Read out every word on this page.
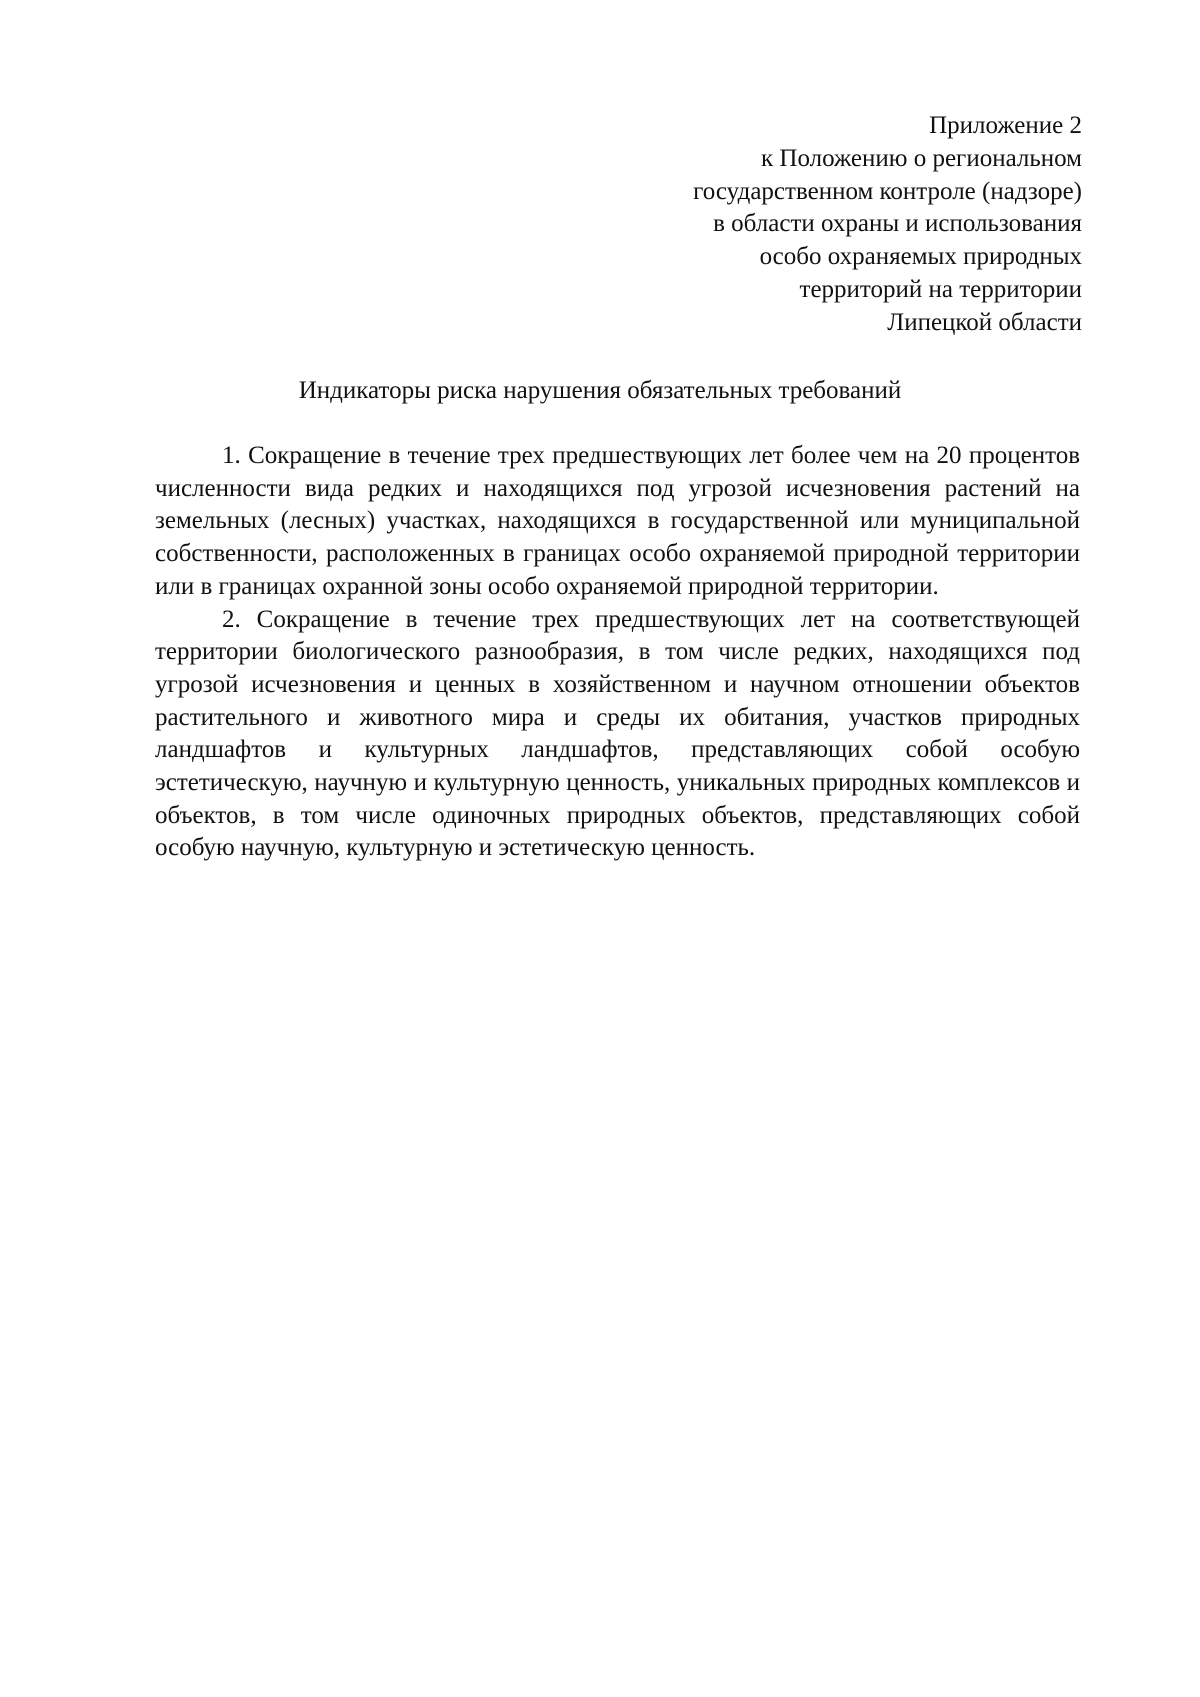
Приложение 2
к Положению о региональном
государственном контроле (надзоре)
в области охраны и использования
особо охраняемых природных
территорий на территории
Липецкой области
Индикаторы риска нарушения обязательных требований

1. Сокращение в течение трех предшествующих лет более чем на 20 процентов численности вида редких и находящихся под угрозой исчезновения растений на земельных (лесных) участках, находящихся в государственной или муниципальной собственности, расположенных в границах особо охраняемой природной территории или в границах охранной зоны особо охраняемой природной территории.

2. Сокращение в течение трех предшествующих лет на соответствующей территории биологического разнообразия, в том числе редких, находящихся под угрозой исчезновения и ценных в хозяйственном и научном отношении объектов растительного и животного мира и среды их обитания, участков природных ландшафтов и культурных ландшафтов, представляющих собой особую эстетическую, научную и культурную ценность, уникальных природных комплексов и объектов, в том числе одиночных природных объектов, представляющих собой особую научную, культурную и эстетическую ценность.
